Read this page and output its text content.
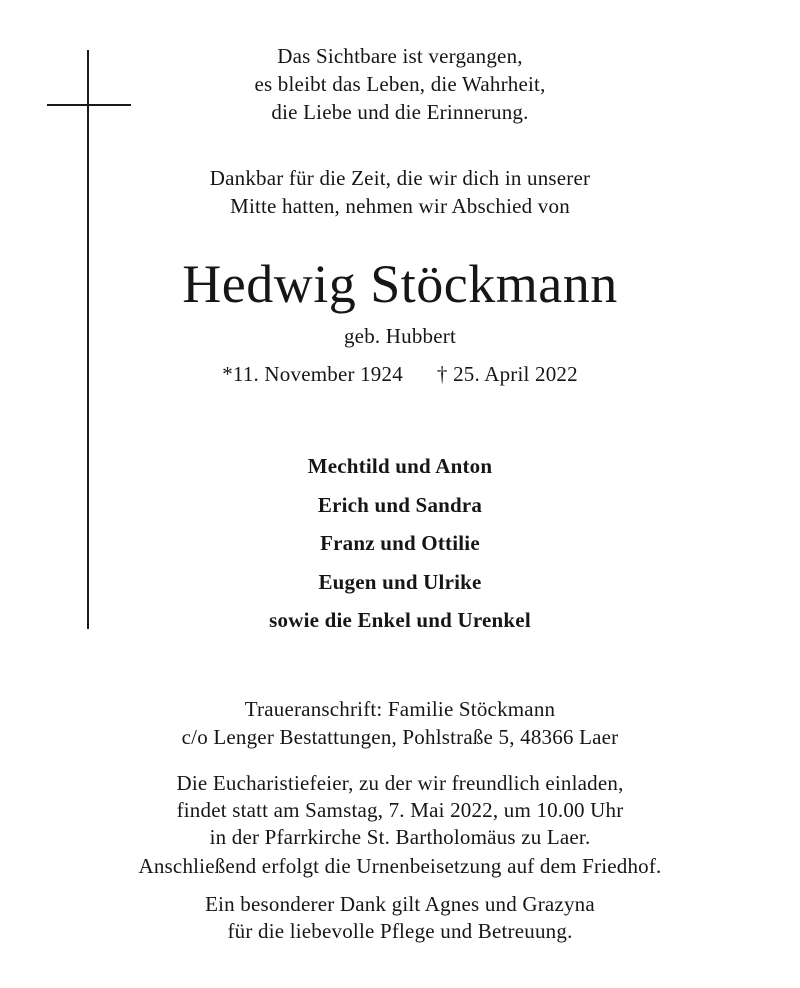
Das Sichtbare ist vergangen,
es bleibt das Leben, die Wahrheit,
die Liebe und die Erinnerung.
Dankbar für die Zeit, die wir dich in unserer
Mitte hatten, nehmen wir Abschied von
Hedwig Stöckmann
geb. Hubbert
*11. November 1924 † 25. April 2022
Mechtild und Anton
Erich und Sandra
Franz und Ottilie
Eugen und Ulrike
sowie die Enkel und Urenkel
Traueranschrift: Familie Stöckmann
c/o Lenger Bestattungen, Pohlstraße 5, 48366 Laer
Die Eucharistiefeier, zu der wir freundlich einladen,
findet statt am Samstag, 7. Mai 2022, um 10.00 Uhr
in der Pfarrkirche St. Bartholomäus zu Laer.
Anschließend erfolgt die Urnenbeisetzung auf dem Friedhof.
Ein besonderer Dank gilt Agnes und Grazyna
für die liebevolle Pflege und Betreuung.
